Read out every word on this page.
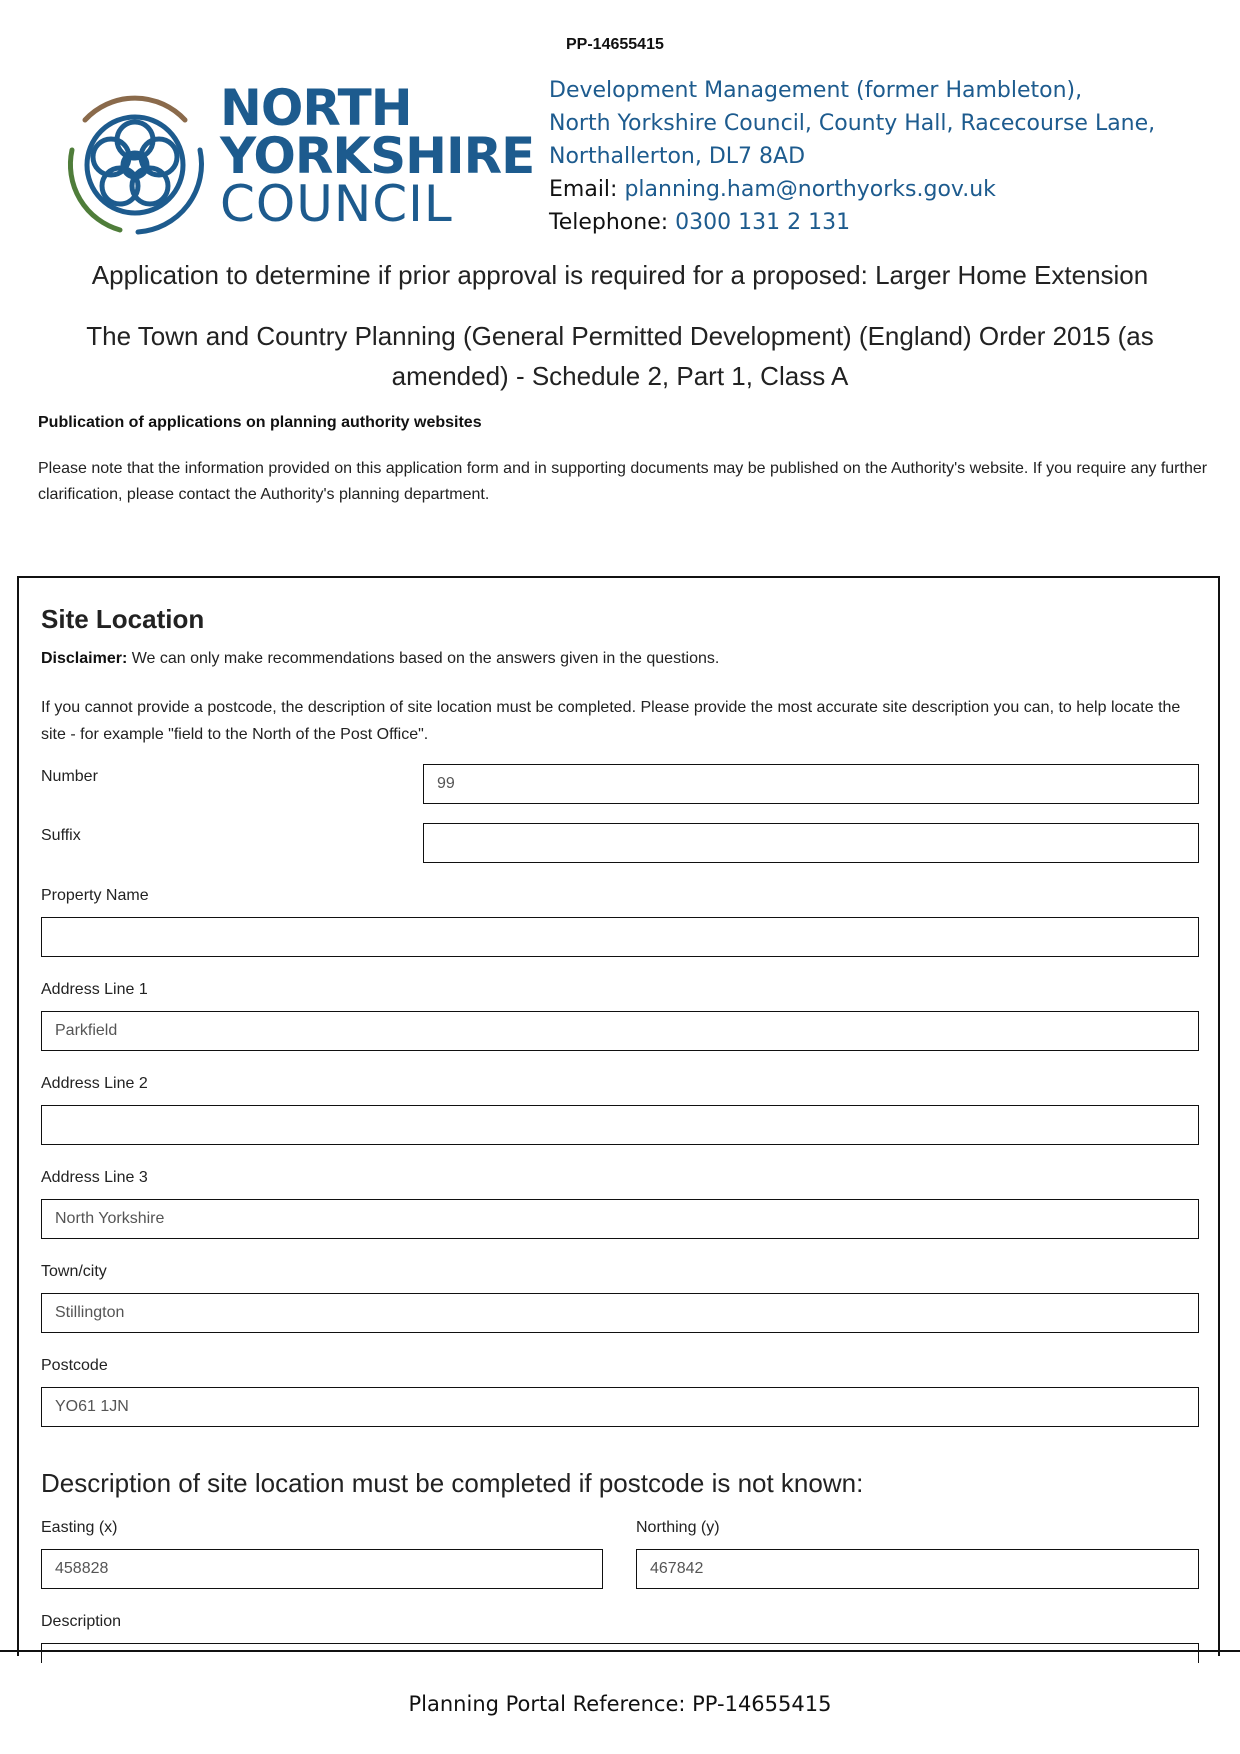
PP-14655415
NORTH
YORKSHIRE
COUNCIL
Development Management (former Hambleton),
North Yorkshire Council, County Hall, Racecourse Lane,
Northallerton, DL7 8AD
Email: planning.ham@northyorks.gov.uk
Telephone: 0300 131 2 131
Application to determine if prior approval is required for a proposed: Larger Home Extension
The Town and Country Planning (General Permitted Development) (England) Order 2015 (as amended) - Schedule 2, Part 1, Class A
Publication of applications on planning authority websites
Please note that the information provided on this application form and in supporting documents may be published on the Authority's website. If you require any further clarification, please contact the Authority's planning department.
Site Location
Disclaimer: We can only make recommendations based on the answers given in the questions.
If you cannot provide a postcode, the description of site location must be completed. Please provide the most accurate site description you can, to help locate the site - for example "field to the North of the Post Office".
Number	99
Suffix
Property Name
Address Line 1
Parkfield
Address Line 2
Address Line 3
North Yorkshire
Town/city
Stillington
Postcode
YO61 1JN
Description of site location must be completed if postcode is not known:
Easting (x)
458828
Northing (y)
467842
Description
Planning Portal Reference: PP-14655415
